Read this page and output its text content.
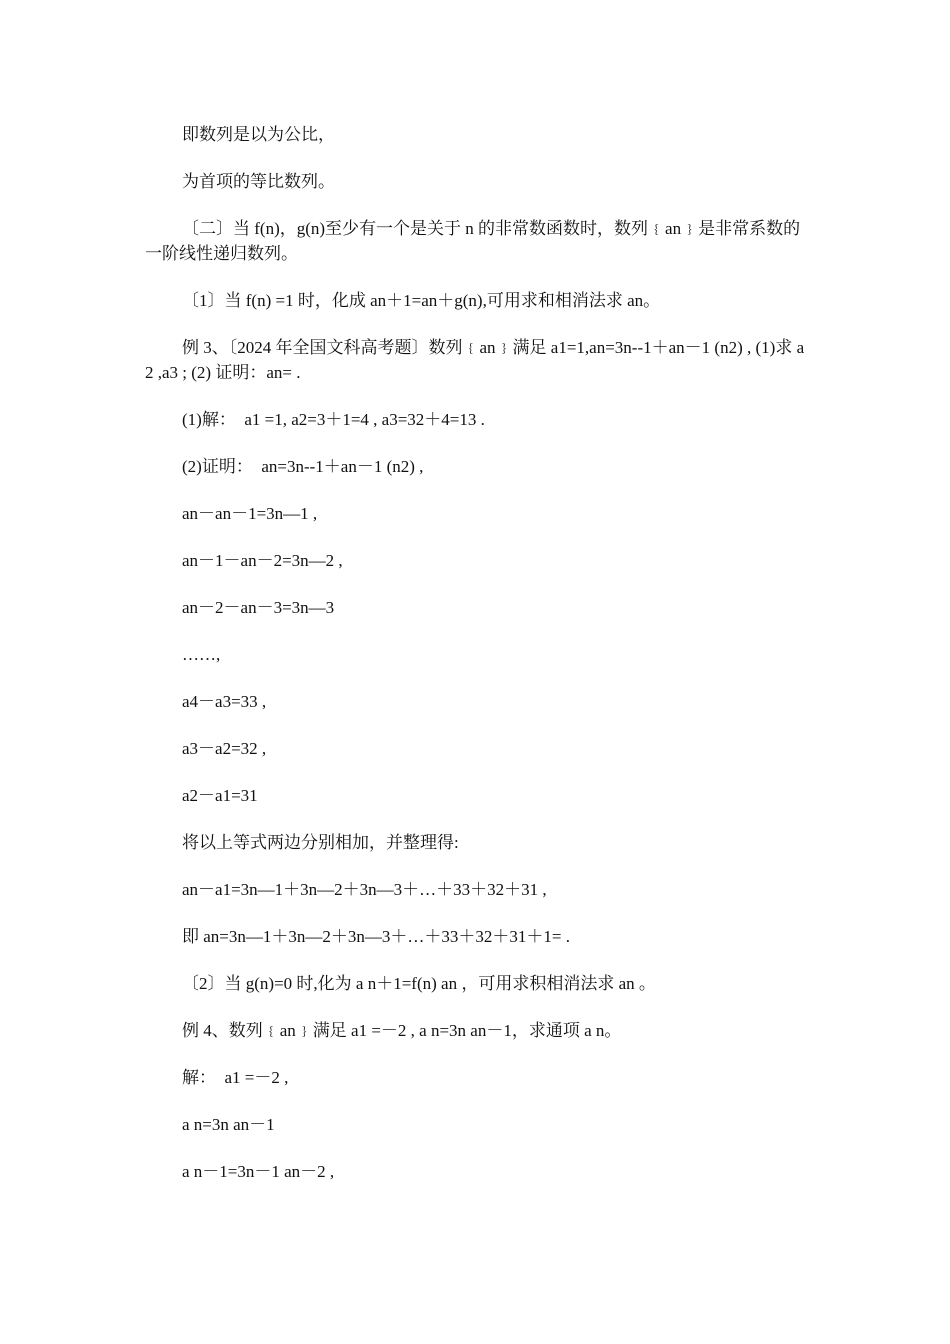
即数列是以为公比，

为首项的等比数列。

〔二〕当 f(n)，g(n)至少有一个是关于 n 的非常数函数时，数列﹛an﹜是非常系数的一阶线性递归数列。

〔1〕当 f(n) =1 时，化成 an＋1=an＋g(n),可用求和相消法求 an。

例 3、〔2024 年全国文科高考题〕数列﹛an﹜满足 a1=1,an=3n--1＋an－1 (n2) , (1)求 a2 ,a3 ; (2) 证明：an= .

(1)解：　a1 =1, a2=3＋1=4 , a3=32＋4=13 .

(2)证明：　an=3n--1＋an－1 (n2) ,

an－an－1=3n—1 ,

an－1－an－2=3n—2 ,

an－2－an－3=3n—3

……,

a4－a3=33 ,

a3－a2=32 ,

a2－a1=31

将以上等式两边分别相加，并整理得:

an－a1=3n—1＋3n—2＋3n—3＋…＋33＋32＋31 ,

即 an=3n—1＋3n—2＋3n—3＋…＋33＋32＋31＋1= .

〔2〕当 g(n)=0 时,化为 a n＋1=f(n) an ，可用求积相消法求 an 。

例 4、数列﹛an﹜满足 a1 =－2 , a n=3n an－1，求通项 a n。

解：　a1 =－2 ,

a n=3n an－1

a n－1=3n－1 an－2 ,
